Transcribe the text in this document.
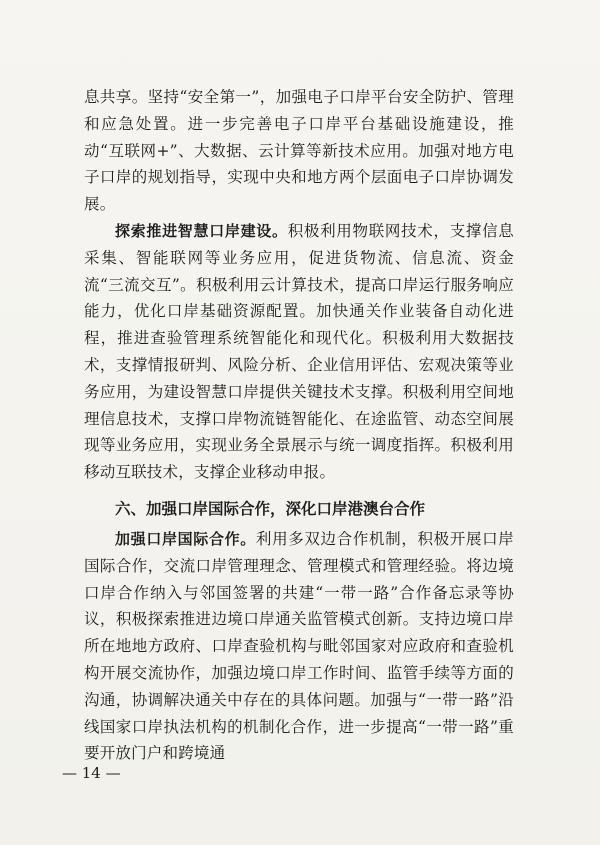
息共享。坚持“安全第一”，加强电子口岸平台安全防护、管理和应急处置。进一步完善电子口岸平台基础设施建设，推动“互联网+”、大数据、云计算等新技术应用。加强对地方电子口岸的规划指导，实现中央和地方两个层面电子口岸协调发展。

探索推进智慧口岸建设。积极利用物联网技术，支撑信息采集、智能联网等业务应用，促进货物流、信息流、资金流“三流交互”。积极利用云计算技术，提高口岸运行服务响应能力，优化口岸基础资源配置。加快通关作业装备自动化进程，推进查验管理系统智能化和现代化。积极利用大数据技术，支撑情报研判、风险分析、企业信用评估、宏观决策等业务应用，为建设智慧口岸提供关键技术支撑。积极利用空间地理信息技术，支撑口岸物流链智能化、在途监管、动态空间展现等业务应用，实现业务全景展示与统一调度指挥。积极利用移动互联技术，支撑企业移动申报。

六、加强口岸国际合作，深化口岸港澳台合作

加强口岸国际合作。利用多双边合作机制，积极开展口岸国际合作，交流口岸管理理念、管理模式和管理经验。将边境口岸合作纳入与邻国签署的共建“一带一路”合作备忘录等协议，积极探索推进边境口岸通关监管模式创新。支持边境口岸所在地地方政府、口岸查验机构与毗邻国家对应政府和查验机构开展交流协作，加强边境口岸工作时间、监管手续等方面的沟通，协调解决通关中存在的具体问题。加强与“一带一路”沿线国家口岸执法机构的机制化合作，进一步提高“一带一路”重要开放门户和跨境通

— 14 —
